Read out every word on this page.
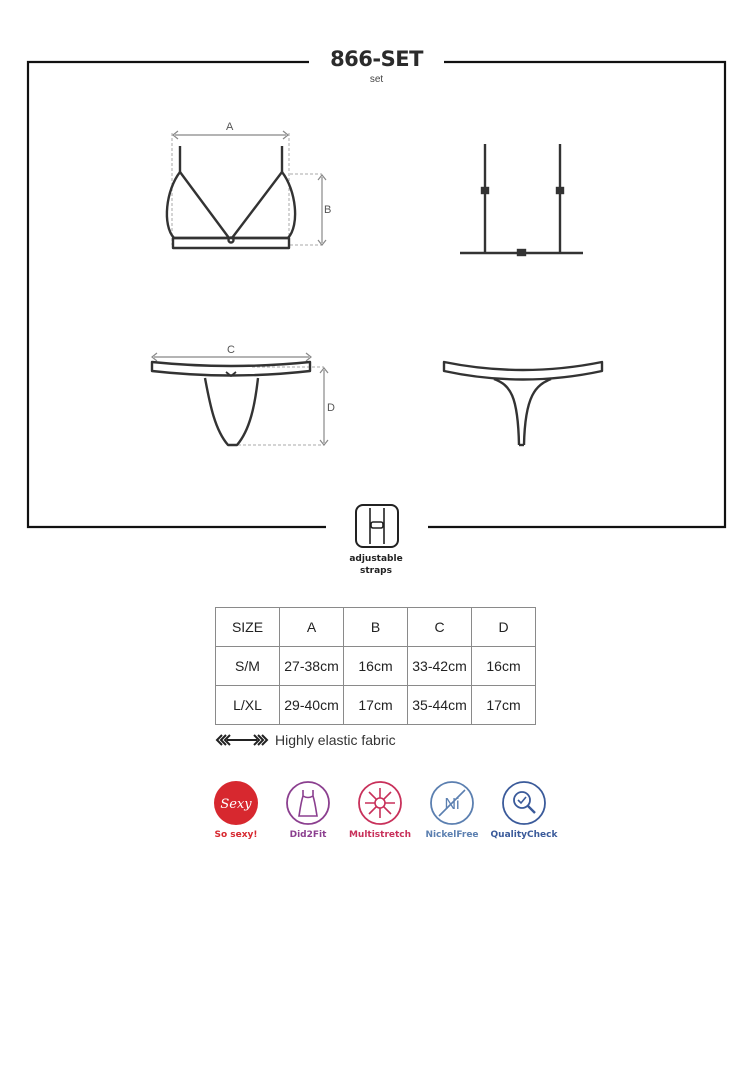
866-SET
set
A
B
C
D
adjustable
straps
SIZE	A	B	C	D
S/M	27-38cm	16cm	33-42cm	16cm
L/XL	29-40cm	17cm	35-44cm	17cm
Highly elastic fabric
Sexy
So sexy!	Did2Fit	Multistretch
Ni
NickelFree QualityCheck
